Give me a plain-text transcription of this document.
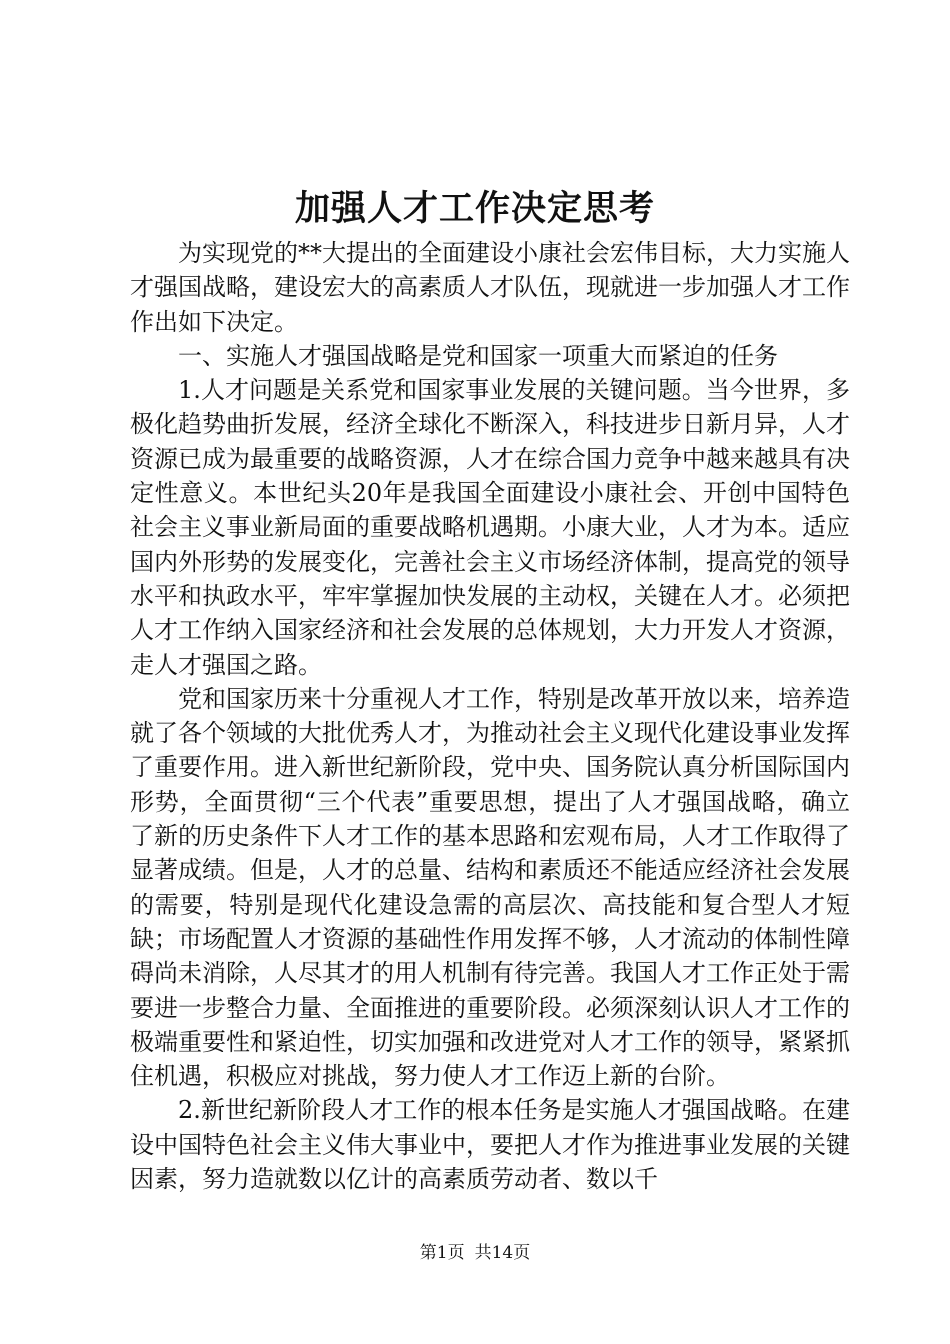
加强人才工作决定思考

为实现党的**大提出的全面建设小康社会宏伟目标，大力实施人才强国战略，建设宏大的高素质人才队伍，现就进一步加强人才工作作出如下决定。

一、实施人才强国战略是党和国家一项重大而紧迫的任务

1.人才问题是关系党和国家事业发展的关键问题。当今世界，多极化趋势曲折发展，经济全球化不断深入，科技进步日新月异，人才资源已成为最重要的战略资源，人才在综合国力竞争中越来越具有决定性意义。本世纪头20年是我国全面建设小康社会、开创中国特色社会主义事业新局面的重要战略机遇期。小康大业，人才为本。适应国内外形势的发展变化，完善社会主义市场经济体制，提高党的领导水平和执政水平，牢牢掌握加快发展的主动权，关键在人才。必须把人才工作纳入国家经济和社会发展的总体规划，大力开发人才资源，走人才强国之路。

党和国家历来十分重视人才工作，特别是改革开放以来，培养造就了各个领域的大批优秀人才，为推动社会主义现代化建设事业发挥了重要作用。进入新世纪新阶段，党中央、国务院认真分析国际国内形势，全面贯彻“三个代表”重要思想，提出了人才强国战略，确立了新的历史条件下人才工作的基本思路和宏观布局，人才工作取得了显著成绩。但是，人才的总量、结构和素质还不能适应经济社会发展的需要，特别是现代化建设急需的高层次、高技能和复合型人才短缺；市场配置人才资源的基础性作用发挥不够，人才流动的体制性障碍尚未消除，人尽其才的用人机制有待完善。我国人才工作正处于需要进一步整合力量、全面推进的重要阶段。必须深刻认识人才工作的极端重要性和紧迫性，切实加强和改进党对人才工作的领导，紧紧抓住机遇，积极应对挑战，努力使人才工作迈上新的台阶。

2.新世纪新阶段人才工作的根本任务是实施人才强国战略。在建设中国特色社会主义伟大事业中，要把人才作为推进事业发展的关键因素，努力造就数以亿计的高素质劳动者、数以千

第1页 共14页
